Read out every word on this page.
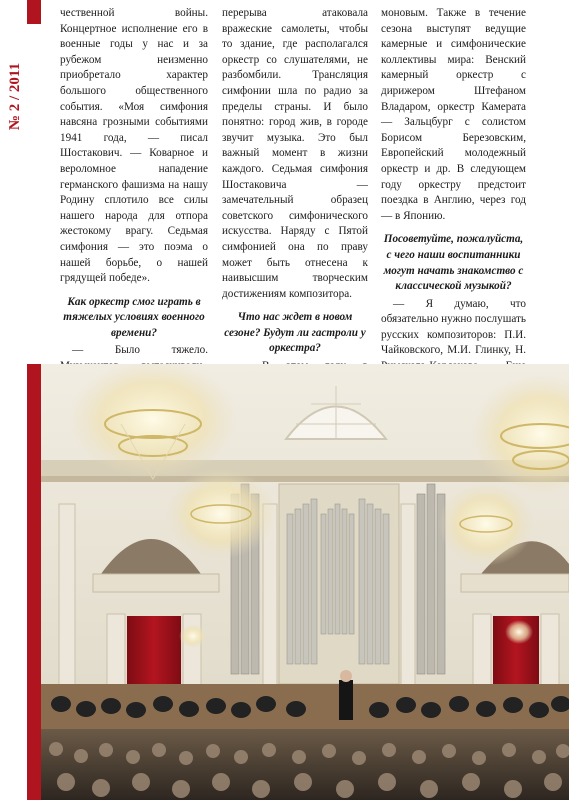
№ 2 / 2011

чественной войны. Концертное исполнение его в военные годы у нас и за рубежом неизменно приобретало характер большого общественного события. «Моя симфония навсяна грозными событиями 1941 года, — писал Шостакович. — Коварное и вероломное нападение германского фашизма на нашу Родину сплотило все силы нашего народа для отпора жестокому врагу. Седьмая симфония — это поэма о нашей борьбе, о нашей грядущей победе».

Как оркестр смог играть в тяжелых условиях военного времени?

— Было тяжело.

перерыва атаковала вражеские самолеты, чтобы то здание, где располагался оркестр со слушателями, не разбомбили. Трансляция симфонии шла по радио за пределы страны. И было понятно: город жив, в городе звучит музыка. Это был важный момент в жизни каждого. Седьмая симфония Шостаковича — замечательный образец советского симфонического искусства. Наряду с Пятой симфонией она по праву может быть отнесена к наивысшим творческим достижениям композитора.

Что нас ждет в новом сезоне? Будут ли гастроли у оркестра?

моновым. Также в течение сезона выступят ведущие камерные и симфонические коллективы мира: Венский камерный оркестр с дирижером Штефаном Владаром, оркестр Камерата — Зальцбург с солистом Борисом Березовским, Европейский молодежный оркестр и др. В следующем году оркестру предстоит поездка в Англию, через год — в Японию.

Посоветуйте, пожалуйста, с чего наши воспитанники могут начать знакомство с классической музыкой?

— Я думаю, что обязательно нужно послушать русских композиторов: П.И. Чайковского, М.И. Глинку, Н.
